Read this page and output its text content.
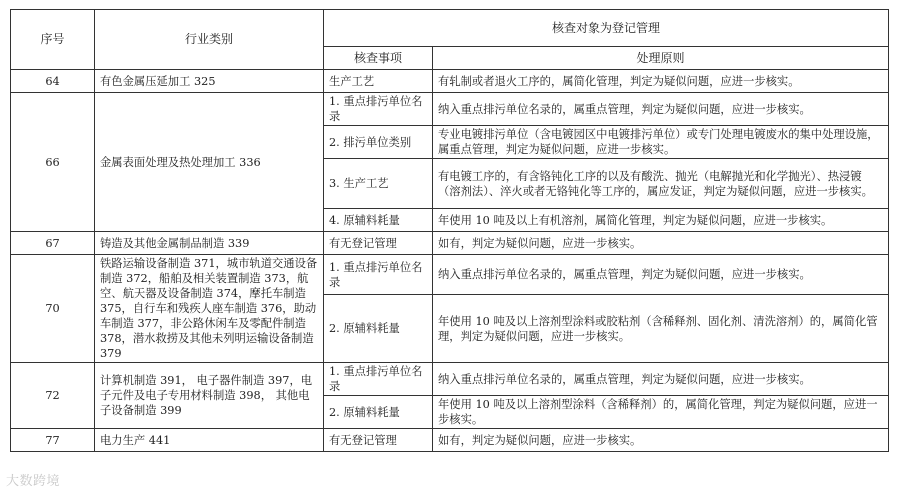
序号	行业类别	核查对象为登记管理	
		核查事项	处理原则
64	有色金属压延加工 325	生产工艺	有轧制或者退火工序的，属简化管理，判定为疑似问题，应进一步核实。
66	金属表面处理及热处理加工 336	1. 重点排污单位名录	纳入重点排污单位名录的，属重点管理，判定为疑似问题，应进一步核实。
		2. 排污单位类别	专业电镀排污单位（含电镀园区中电镀排污单位）或专门处理电镀废水的集中处理设施，属重点管理，判定为疑似问题，应进一步核实。
		3. 生产工艺	有电镀工序的，有含铬钝化工序的以及有酸洗、抛光（电解抛光和化学抛光）、热浸镀（溶剂法）、淬火或者无铬钝化等工序的，属应发证，判定为疑似问题，应进一步核实。
		4. 原辅料耗量	年使用 10 吨及以上有机溶剂，属简化管理，判定为疑似问题，应进一步核实。
67	铸造及其他金属制品制造 339	有无登记管理	如有，判定为疑似问题，应进一步核实。
70	铁路运输设备制造 371，城市轨道交通设备制造 372，船舶及相关装置制造 373，航空、航天器及设备制造 374，摩托车制造 375，自行车和残疾人座车制造 376，助动车制造 377，非公路休闲车及零配件制造 378，潜水救捞及其他未列明运输设备制造 379	1. 重点排污单位名录	纳入重点排污单位名录的，属重点管理，判定为疑似问题，应进一步核实。
		2. 原辅料耗量	年使用 10 吨及以上溶剂型涂料或胶粘剂（含稀释剂、固化剂、清洗溶剂）的，属简化管理，判定为疑似问题，应进一步核实。
72	计算机制造 391， 电子器件制造 397，电子元件及电子专用材料制造 398， 其他电子设备制造 399	1. 重点排污单位名录	纳入重点排污单位名录的，属重点管理，判定为疑似问题，应进一步核实。
		2. 原辅料耗量	年使用 10 吨及以上溶剂型涂料（含稀释剂）的，属简化管理，判定为疑似问题，应进一步核实。
77	电力生产 441	有无登记管理	如有，判定为疑似问题，应进一步核实。
大数跨境
